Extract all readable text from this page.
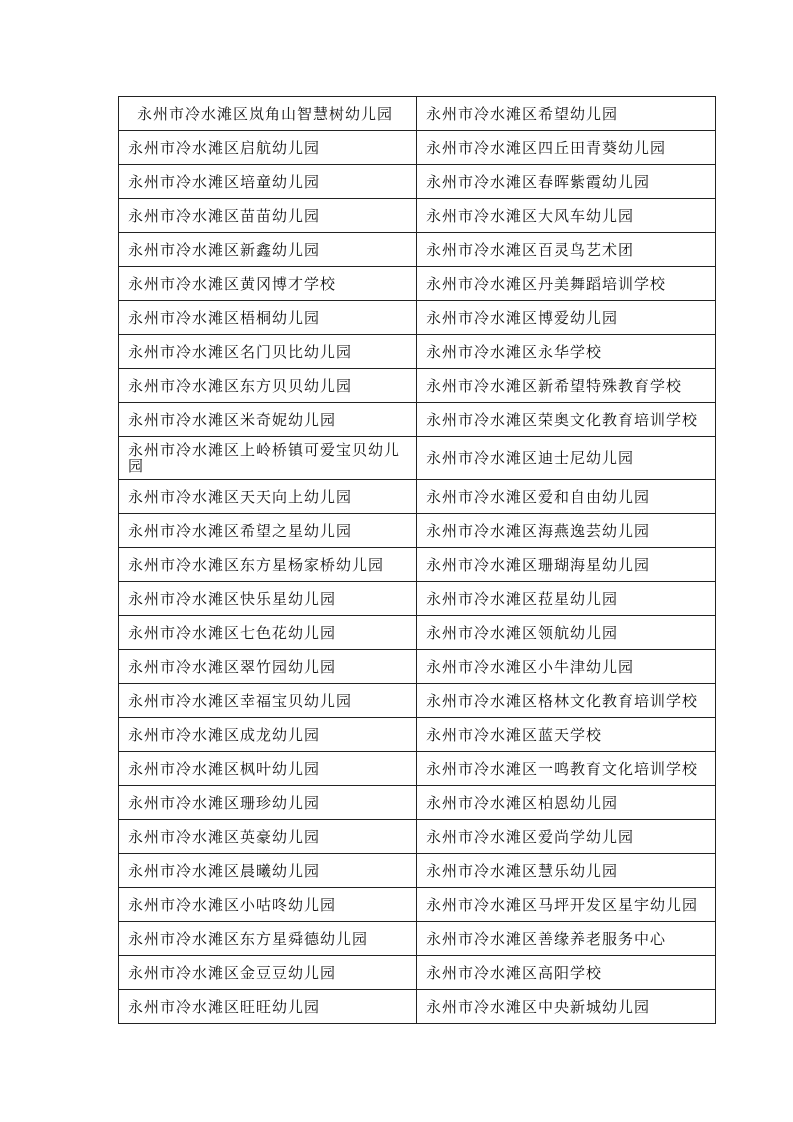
永州市冷水滩区岚角山智慧树幼儿园	永州市冷水滩区希望幼儿园
永州市冷水滩区启航幼儿园	永州市冷水滩区四丘田青葵幼儿园
永州市冷水滩区培童幼儿园	永州市冷水滩区春晖紫霞幼儿园
永州市冷水滩区苗苗幼儿园	永州市冷水滩区大风车幼儿园
永州市冷水滩区新鑫幼儿园	永州市冷水滩区百灵鸟艺术团
永州市冷水滩区黄冈博才学校	永州市冷水滩区丹美舞蹈培训学校
永州市冷水滩区梧桐幼儿园	永州市冷水滩区博爱幼儿园
永州市冷水滩区名门贝比幼儿园	永州市冷水滩区永华学校
永州市冷水滩区东方贝贝幼儿园	永州市冷水滩区新希望特殊教育学校
永州市冷水滩区米奇妮幼儿园	永州市冷水滩区荣奥文化教育培训学校
永州市冷水滩区上岭桥镇可爱宝贝幼儿园	永州市冷水滩区迪士尼幼儿园
永州市冷水滩区天天向上幼儿园	永州市冷水滩区爱和自由幼儿园
永州市冷水滩区希望之星幼儿园	永州市冷水滩区海燕逸芸幼儿园
永州市冷水滩区东方星杨家桥幼儿园	永州市冷水滩区珊瑚海星幼儿园
永州市冷水滩区快乐星幼儿园	永州市冷水滩区菈星幼儿园
永州市冷水滩区七色花幼儿园	永州市冷水滩区领航幼儿园
永州市冷水滩区翠竹园幼儿园	永州市冷水滩区小牛津幼儿园
永州市冷水滩区幸福宝贝幼儿园	永州市冷水滩区格林文化教育培训学校
永州市冷水滩区成龙幼儿园	永州市冷水滩区蓝天学校
永州市冷水滩区枫叶幼儿园	永州市冷水滩区一鸣教育文化培训学校
永州市冷水滩区珊珍幼儿园	永州市冷水滩区柏恩幼儿园
永州市冷水滩区英豪幼儿园	永州市冷水滩区爱尚学幼儿园
永州市冷水滩区晨曦幼儿园	永州市冷水滩区慧乐幼儿园
永州市冷水滩区小咕咚幼儿园	永州市冷水滩区马坪开发区星宇幼儿园
永州市冷水滩区东方星舜德幼儿园	永州市冷水滩区善缘养老服务中心
永州市冷水滩区金豆豆幼儿园	永州市冷水滩区高阳学校
永州市冷水滩区旺旺幼儿园	永州市冷水滩区中央新城幼儿园
